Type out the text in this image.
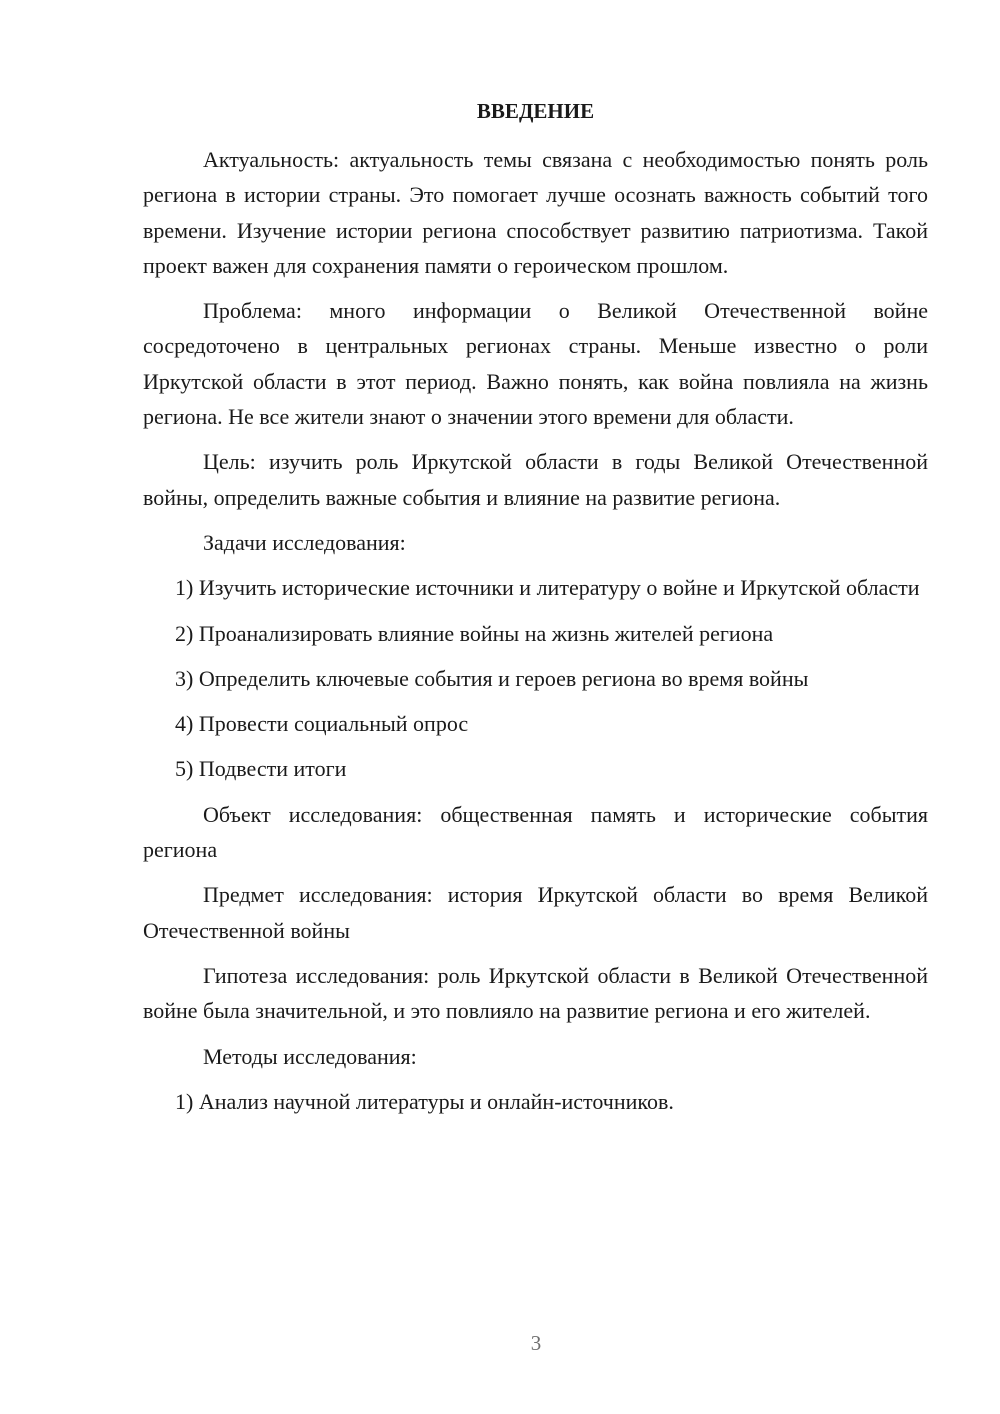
ВВЕДЕНИЕ

Актуальность: актуальность темы связана с необходимостью понять роль региона в истории страны. Это помогает лучше осознать важность событий того времени. Изучение истории региона способствует развитию патриотизма. Такой проект важен для сохранения памяти о героическом прошлом.

Проблема: много информации о Великой Отечественной войне сосредоточено в центральных регионах страны. Меньше известно о роли Иркутской области в этот период. Важно понять, как война повлияла на жизнь региона. Не все жители знают о значении этого времени для области.

Цель: изучить роль Иркутской области в годы Великой Отечественной войны, определить важные события и влияние на развитие региона.

Задачи исследования:

1) Изучить исторические источники и литературу о войне и Иркутской области

2) Проанализировать влияние войны на жизнь жителей региона

3) Определить ключевые события и героев региона во время войны

4) Провести социальный опрос

5) Подвести итоги

Объект исследования: общественная память и исторические события региона

Предмет исследования: история Иркутской области во время Великой Отечественной войны

Гипотеза исследования: роль Иркутской области в Великой Отечественной войне была значительной, и это повлияло на развитие региона и его жителей.

Методы исследования:

1) Анализ научной литературы и онлайн-источников.

3
